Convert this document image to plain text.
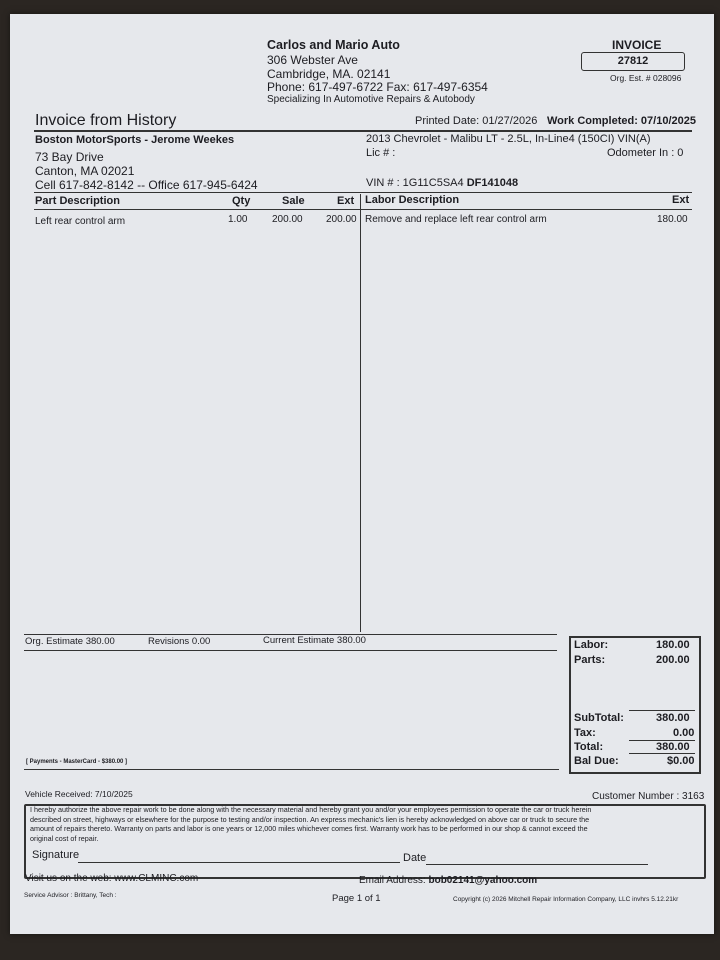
Carlos and Mario Auto
306 Webster Ave
Cambridge, MA. 02141
Phone: 617-497-6722 Fax: 617-497-6354
Specializing In Automotive Repairs & Autobody
INVOICE
27812
Org. Est. # 028096
Invoice from History	Printed Date: 01/27/2026 Work Completed: 07/10/2025
Boston MotorSports - Jerome Weekes
73 Bay Drive
Canton, MA 02021
Cell 617-842-8142 -- Office 617-945-6424
2013 Chevrolet - Malibu LT - 2.5L, In-Line4 (150CI) VIN(A)
Lic # :	Odometer In : 0
VIN # : 1G11C5SA4 DF141048
Part Description	Qty	Sale	Ext Labor Description	Ext
Left rear control arm	1.00 200.00 200.00 Remove and replace left rear control arm	180.00
Org. Estimate 380.00	Revisions 0.00	Current Estimate 380.00
[ Payments - MasterCard - $380.00 ]
Labor:	180.00
Parts:	200.00
SubTotal:	380.00
Tax:	0.00
Total:	380.00
Bal Due:	$0.00
Vehicle Received: 7/10/2025	Customer Number : 3163
I hereby authorize the above repair work to be done along with the necessary material and hereby grant you and/or your employees permission to operate the car or truck herein
described on street, highways or elsewhere for the purpose to testing and/or inspection. An express mechanic's lien is hereby acknowledged on above car or truck to secure the
amount of repairs thereto. Warranty on parts and labor is one years or 12,000 miles whichever comes first. Warranty work has to be performed in our shop & cannot exceed the
original cost of repair.
Signature	Date
Visit us on the web: www.CLMINC.com	Email Address: bob02141@yahoo.com
Service Advisor : Brittany, Tech :	Page 1 of 1	Copyright (c) 2026 Mitchell Repair Information Company, LLC invhrs 5.12.21kr
